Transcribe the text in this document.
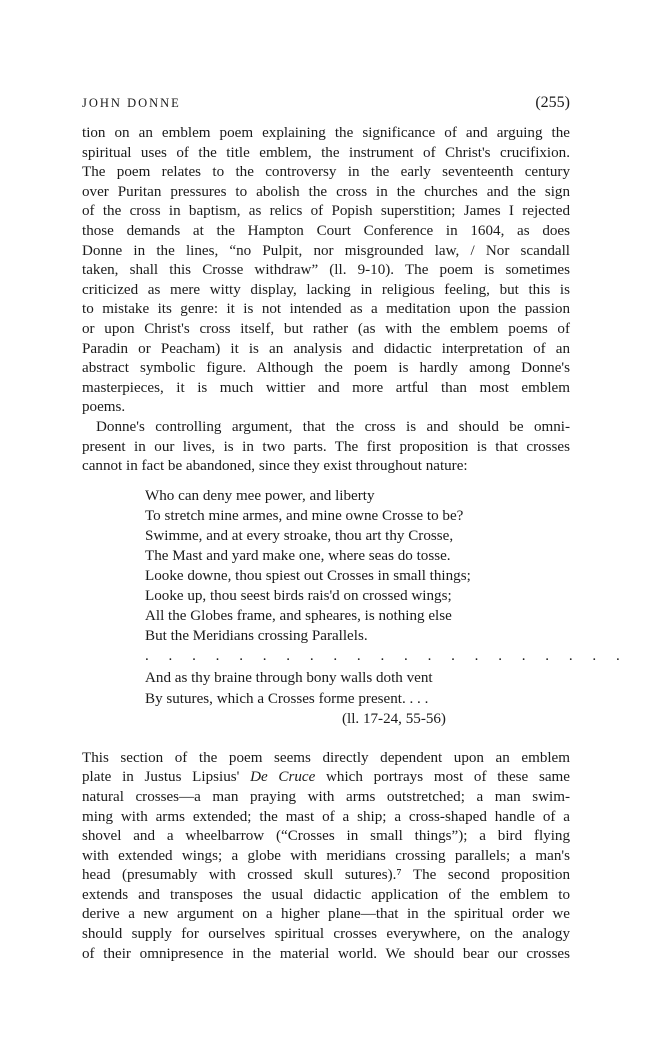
JOHN DONNE	(255)

tion on an emblem poem explaining the significance of and arguing the

spiritual uses of the title emblem, the instrument of Christ's crucifixion.

The poem relates to the controversy in the early seventeenth century

over Puritan pressures to abolish the cross in the churches and the sign

of the cross in baptism, as relics of Popish superstition; James I rejected

those demands at the Hampton Court Conference in 1604, as does

Donne in the lines, “no Pulpit, nor misgrounded law, / Nor scandall

taken, shall this Crosse withdraw” (ll. 9-10). The poem is sometimes

criticized as mere witty display, lacking in religious feeling, but this is

to mistake its genre: it is not intended as a meditation upon the passion

or upon Christ's cross itself, but rather (as with the emblem poems of

Paradin or Peacham) it is an analysis and didactic interpretation of an

abstract symbolic figure. Although the poem is hardly among Donne's

masterpieces, it is much wittier and more artful than most emblem

poems.

Donne's controlling argument, that the cross is and should be omni-

present in our lives, is in two parts. The first proposition is that crosses

cannot in fact be abandoned, since they exist throughout nature:

Who can deny mee power, and liberty

To stretch mine armes, and mine owne Crosse to be?

Swimme, and at every stroake, thou art thy Crosse,

The Mast and yard make one, where seas do tosse.

Looke downe, thou spiest out Crosses in small things;

Looke up, thou seest birds rais'd on crossed wings;

All the Globes frame, and spheares, is nothing else

But the Meridians crossing Parallels.

. . . . . . . . . . . . . . . . . . . . .

And as thy braine through bony walls doth vent

By sutures, which a Crosses forme present. . . .

(ll. 17-24, 55-56)

This section of the poem seems directly dependent upon an emblem

plate in Justus Lipsius' De Cruce which portrays most of these same

natural crosses—a man praying with arms outstretched; a man swim-

ming with arms extended; the mast of a ship; a cross-shaped handle of a

shovel and a wheelbarrow (“Crosses in small things”); a bird flying

with extended wings; a globe with meridians crossing parallels; a man's

head (presumably with crossed skull sutures).⁷ The second proposition

extends and transposes the usual didactic application of the emblem to

derive a new argument on a higher plane—that in the spiritual order we

should supply for ourselves spiritual crosses everywhere, on the analogy

of their omnipresence in the material world. We should bear our crosses
